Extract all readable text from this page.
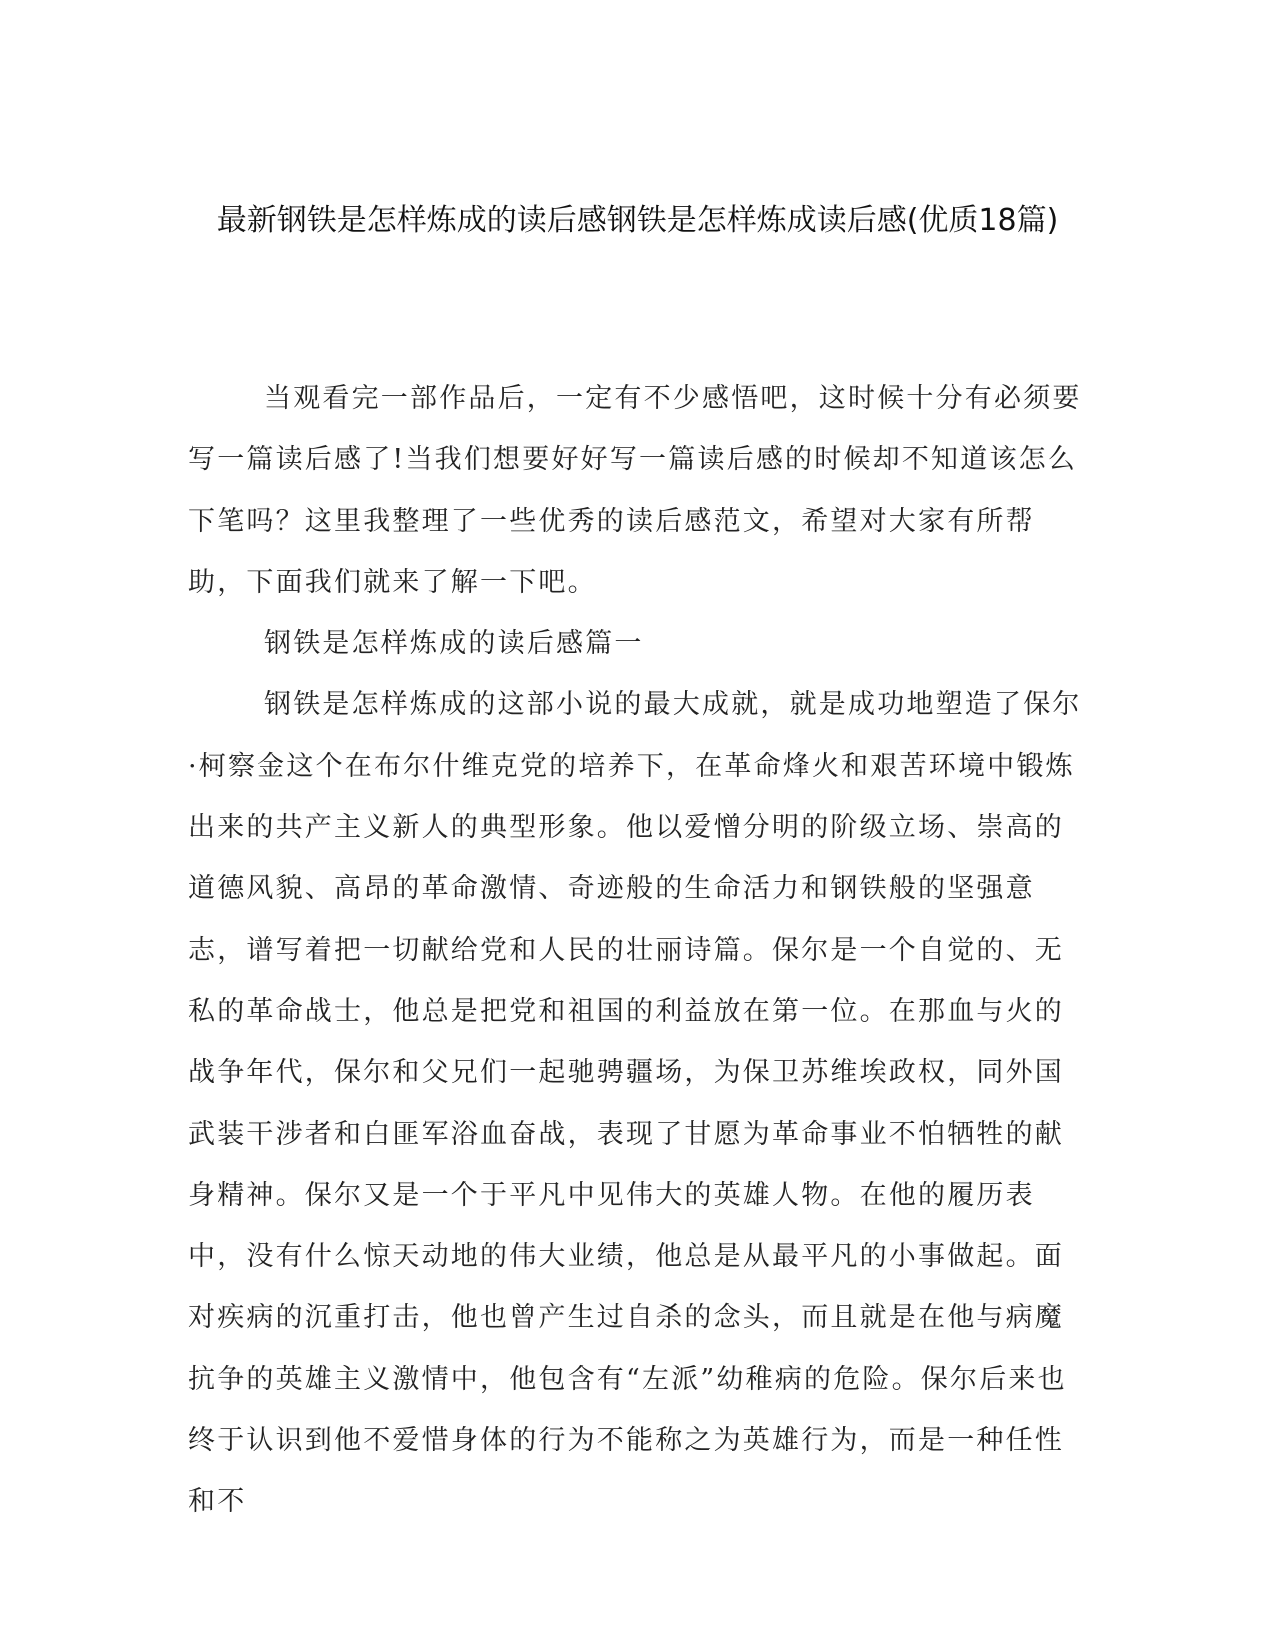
最新钢铁是怎样炼成的读后感钢铁是怎样炼成读后感(优质18篇)

当观看完一部作品后，一定有不少感悟吧，这时候十分有必须要写一篇读后感了!当我们想要好好写一篇读后感的时候却不知道该怎么下笔吗？这里我整理了一些优秀的读后感范文，希望对大家有所帮助，下面我们就来了解一下吧。

钢铁是怎样炼成的读后感篇一

钢铁是怎样炼成的这部小说的最大成就，就是成功地塑造了保尔·柯察金这个在布尔什维克党的培养下，在革命烽火和艰苦环境中锻炼出来的共产主义新人的典型形象。他以爱憎分明的阶级立场、崇高的道德风貌、高昂的革命激情、奇迹般的生命活力和钢铁般的坚强意志，谱写着把一切献给党和人民的壮丽诗篇。保尔是一个自觉的、无私的革命战士，他总是把党和祖国的利益放在第一位。在那血与火的战争年代，保尔和父兄们一起驰骋疆场，为保卫苏维埃政权，同外国武装干涉者和白匪军浴血奋战，表现了甘愿为革命事业不怕牺牲的献身精神。保尔又是一个于平凡中见伟大的英雄人物。在他的履历表中，没有什么惊天动地的伟大业绩，他总是从最平凡的小事做起。面对疾病的沉重打击，他也曾产生过自杀的念头，而且就是在他与病魔抗争的英雄主义激情中，他包含有“左派”幼稚病的危险。保尔后来也终于认识到他不爱惜身体的行为不能称之为英雄行为，而是一种任性和不
